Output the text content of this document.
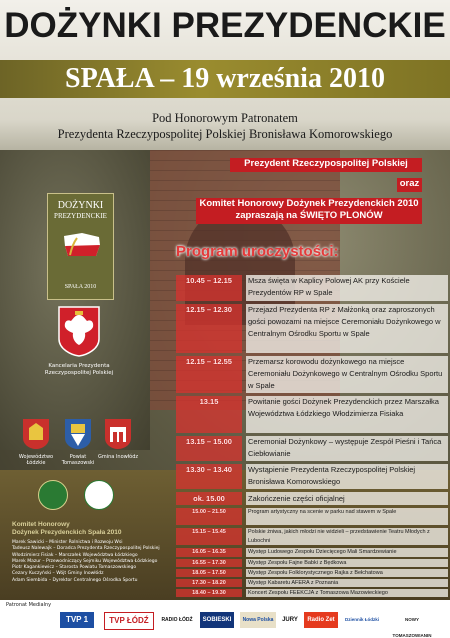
DOŻYNKI PREZYDENCKIE
SPAŁA – 19 września 2010
Pod Honorowym Patronatem
Prezydenta Rzeczypospolitej Polskiej Bronisława Komorowskiego
Prezydent Rzeczypospolitej Polskiej
oraz
Komitet Honorowy Dożynek Prezydenckich 2010
zapraszają na ŚWIĘTO PLONÓW
DOŻYNKI
PREZYDENCKIE
SPAŁA 2010
Kancelaria Prezydenta Rzeczypospolitej Polskiej
Województwo Łódzkie
Powiat Tomaszowski
Gmina Inowłódz
Komitet Honorowy
Dożynek Prezydenckich Spała 2010
Marek Sawicki – Minister Rolnictwa i Rozwoju Wsi
Tadeusz Nalewajk – Doradca Prezydenta Rzeczypospolitej Polskiej
Włodzimierz Fisiak – Marszałek Województwa Łódzkiego
Marek Mazur – Przewodniczący Sejmiku Województwa Łódzkiego
Piotr Kagankiewicz – Starosta Powiatu Tomaszowskiego
Cezary Kuczyński – Wójt Gminy Inowłódz
Adam Siembida – Dyrektor Centralnego Ośrodka Sportu
Program uroczystości:
10.45 – 12.15	Msza święta w Kaplicy Polowej AK przy Kościele Prezydentów RP w Spale
12.15 – 12.30	Przejazd Prezydenta RP z Małżonką oraz zaproszonych gości powozami na miejsce Ceremoniału Dożynkowego w Centralnym Ośrodku Sportu w Spale
12.15 – 12.55	Przemarsz korowodu dożynkowego na miejsce Ceremoniału Dożynkowego w Centralnym Ośrodku Sportu w Spale
13.15	Powitanie gości Dożynek Prezydenckich przez Marszałka Województwa Łódzkiego Włodzimierza Fisiaka
13.15 – 15.00	Ceremoniał Dożynkowy – występuje Zespół Pieśni i Tańca Ciebłowianie
13.30 – 13.40	Wystąpienie Prezydenta Rzeczypospolitej Polskiej Bronisława Komorowskiego
ok. 15.00	Zakończenie części oficjalnej
15.00 – 21.50	Program artystyczny na scenie w parku nad stawem w Spale
15.15 – 15.45	Polskie żniwa, jakich młodzi nie widzieli – przedstawienie Teatru Młodych z Lubochni
16.05 – 16.35	Występ Ludowego Zespołu Dziecięcego Mali Smardzewianie
16.55 – 17.30	Występ Zespołu Fajne Babki z Będkowa
18.05 – 17.50	Występ Zespołu Folklorystycznego Rajka z Bełchatowa
17.30 – 18.20	Występ Kabaretu AFERA z Poznania
18.40 – 19.30	Koncert Zespołu FEEKCJA z Tomaszowa Mazowieckiego
Patronat Medialny
TVP 1	TVP ŁÓDŹ	RADIO ŁÓDŹ	SOBIESKI	Nowa Polska	JURY	Radio Zet	Dziennik Łódzki	NOWY TOMASZOWIANIN
